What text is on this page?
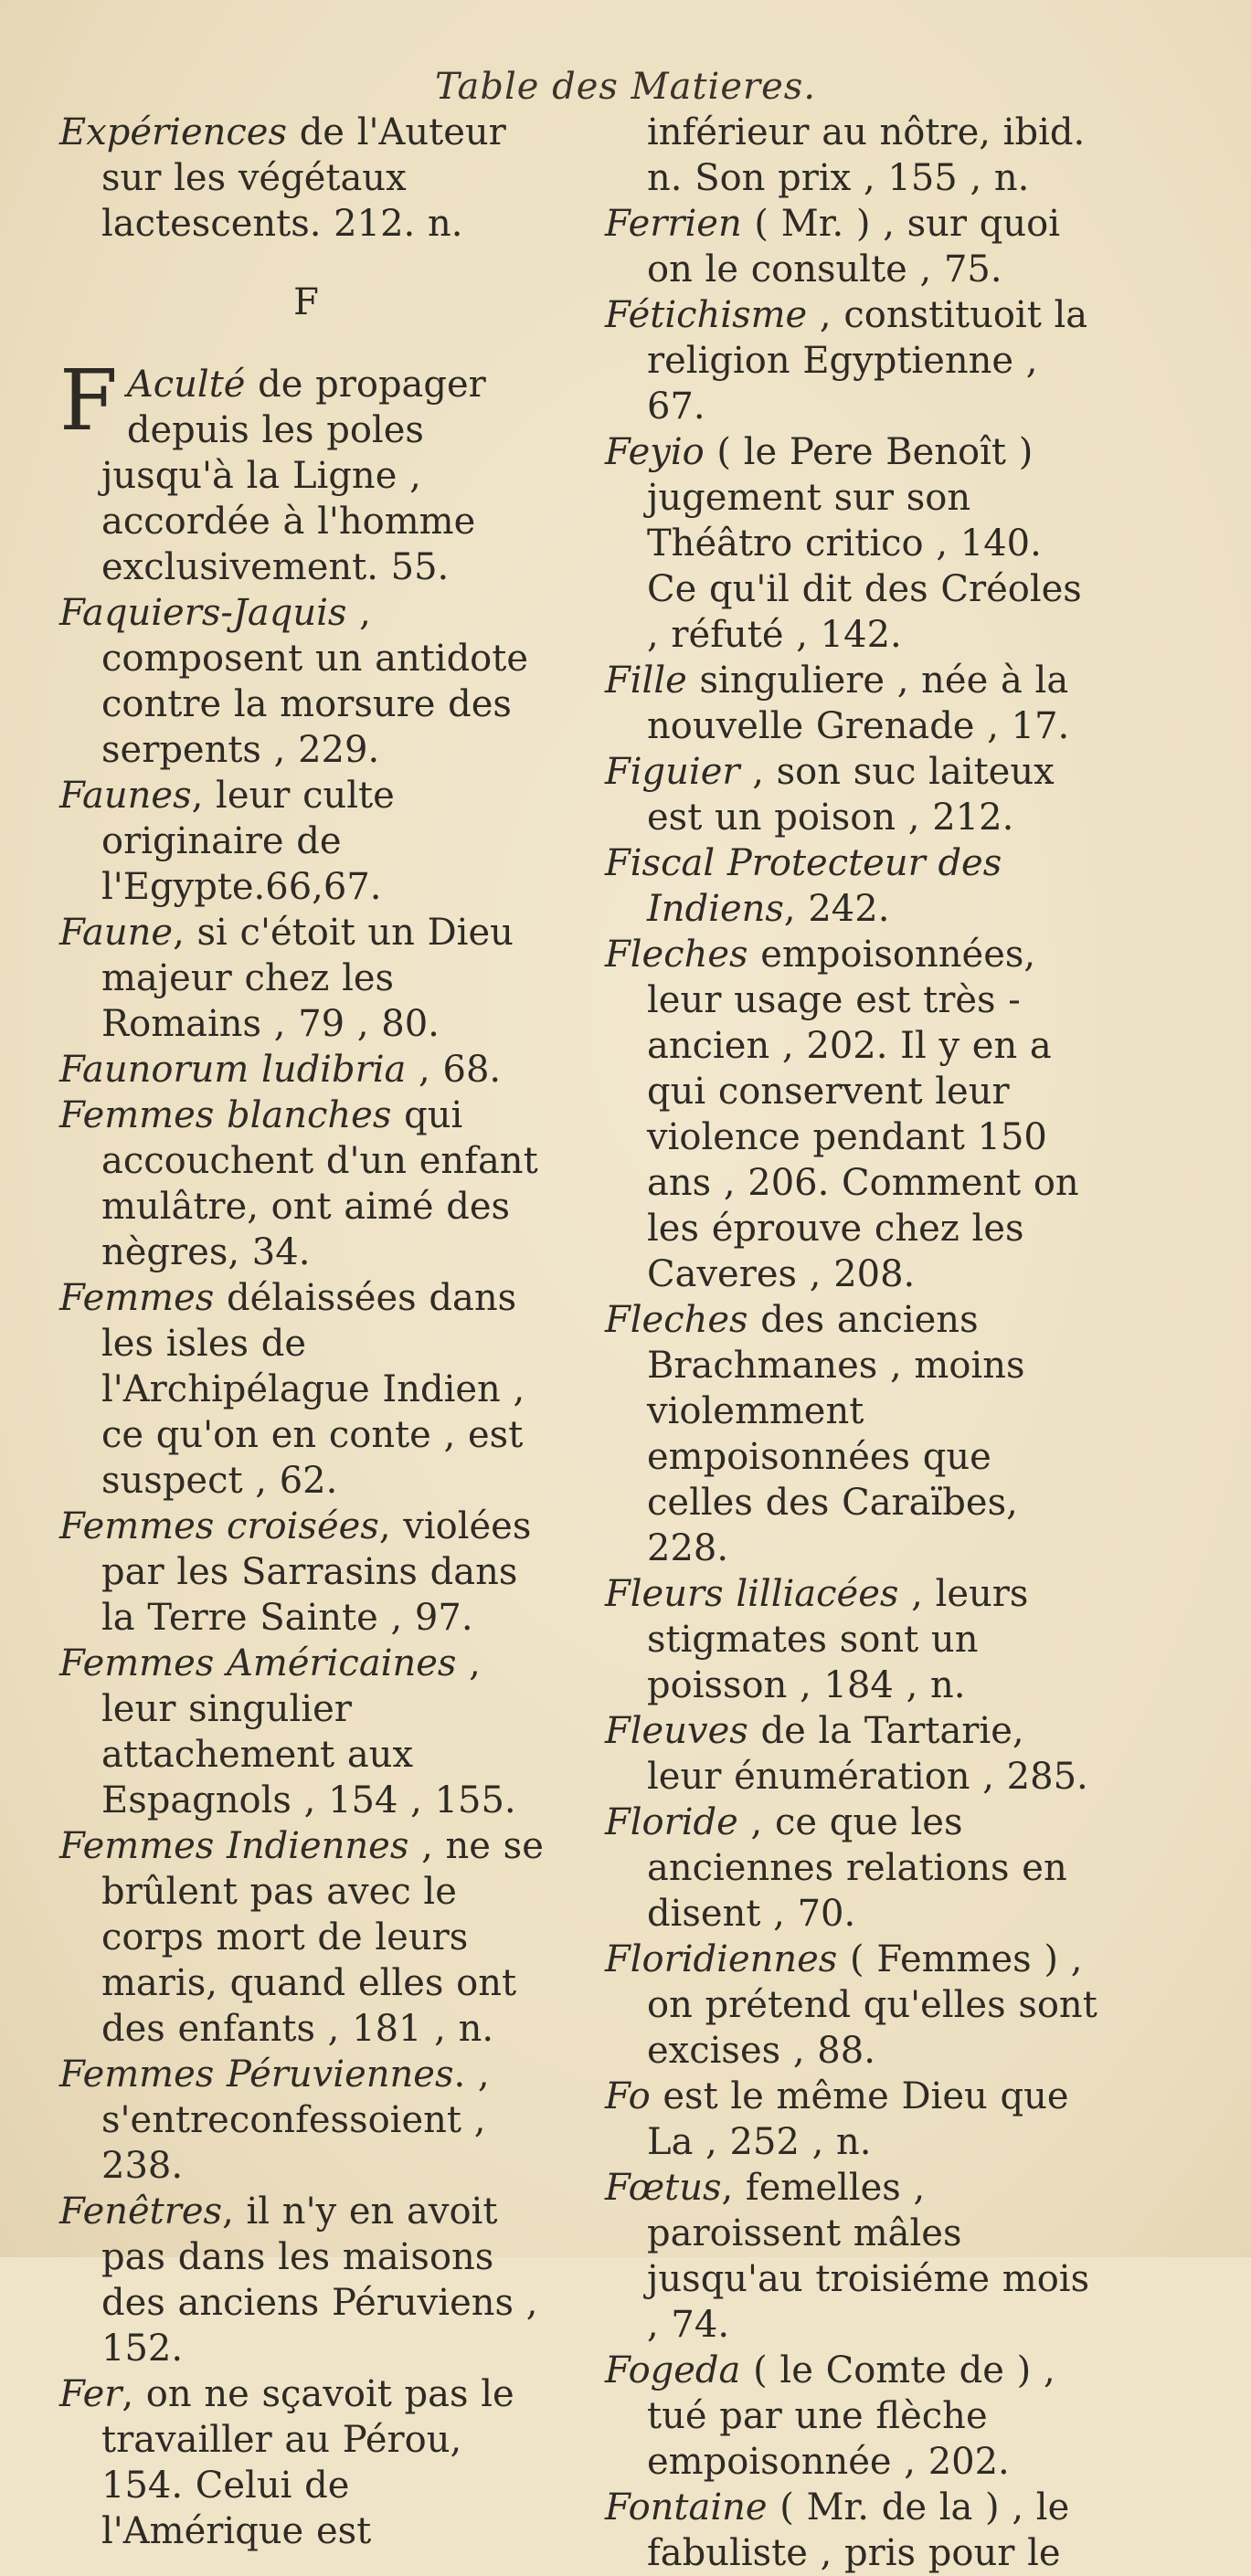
Table des Matieres.
Expériences de l'Auteur sur les végétaux lactescents. 212. n.
F
F Aculté de propager depuis les poles jusqu'à la Ligne , accordée à l'homme exclusivement. 55.
Faquiers-Jaquis , composent un antidote contre la morsure des serpents , 229.
Faunes, leur culte originaire de l'Egypte.66,67.
Faune, si c'étoit un Dieu majeur chez les Romains , 79 , 80.
Faunorum ludibria , 68.
Femmes blanches qui accouchent d'un enfant mulâtre, ont aimé des nègres, 34.
Femmes délaissées dans les isles de l'Archipélague Indien , ce qu'on en conte , est suspect , 62.
Femmes croisées, violées par les Sarrasins dans la Terre Sainte , 97.
Femmes Américaines , leur singulier attachement aux Espagnols , 154 , 155.
Femmes Indiennes , ne se brûlent pas avec le corps mort de leurs maris, quand elles ont des enfants , 181 , n.
Femmes Péruviennes. , s'entreconfessoient , 238.
Fenêtres, il n'y en avoit pas dans les maisons des anciens Péruviens , 152.
Fer, on ne sçavoit pas le travailler au Pérou, 154. Celui de l'Amérique est
inférieur au nôtre, ibid. n. Son prix , 155 , n.
Ferrien ( Mr. ) , sur quoi on le consulte , 75.
Fétichisme , constituoit la religion Egyptienne , 67.
Feyio ( le Pere Benoît ) jugement sur son Théâtro critico , 140. Ce qu'il dit des Créoles , réfuté , 142.
Fille singuliere , née à la nouvelle Grenade , 17.
Figuier , son suc laiteux est un poison , 212.
Fiscal Protecteur des Indiens, 242.
Fleches empoisonnées, leur usage est très - ancien , 202. Il y en a qui conservent leur violence pendant 150 ans , 206. Comment on les éprouve chez les Caveres , 208.
Fleches des anciens Brachmanes , moins violemment empoisonnées que celles des Caraïbes, 228.
Fleurs lilliacées , leurs stigmates sont un poisson , 184 , n.
Fleuves de la Tartarie, leur énumération , 285.
Floride , ce que les anciennes relations en disent , 70.
Floridiennes ( Femmes ) , on prétend qu'elles sont excises , 88.
Fo est le même Dieu que La , 252 , n.
Fœtus, femelles , paroissent mâles jusqu'au troisiéme mois , 74.
Fogeda ( le Comte de ) , tué par une flèche empoisonnée , 202.
Fontaine ( Mr. de la ) , le fabuliste , pris pour le
